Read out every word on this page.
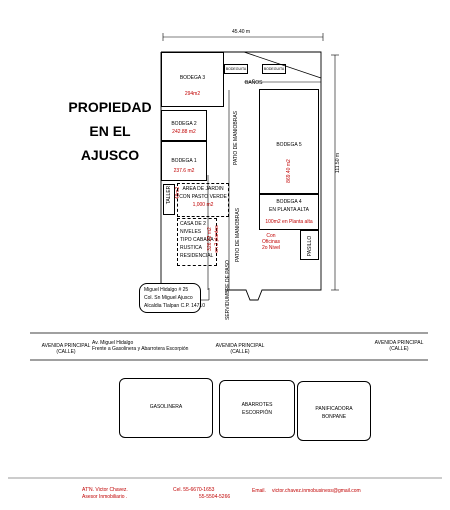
45.40 m
111.50 m
PROPIEDAD
EN EL
AJUSCO
BODEGA 3
294m2
BODEGA 2
242.88 m2
BODEGA 1
237.6 m2
BODEGUITA	BODEGUITA
BAÑOS
PATIO DE MANIOBRAS
PATIO DE MANIOBRAS
BODEGA 5
869.40 m2
BODEGA 4
EN PLANTA ALTA
100m2 en Planta alta
Con
Oficinas
2o Nivel	PASILLO
TALLER 48m2 AREA DE JARDIN
CON PASTO VERDE
1,000 m2
CASA DE 2
NIVELES
TIPO CABAÑA
RUSTICA
RESIDENCIAL
326.32 m2 en 2 plantas
SERVIDUMBRE DE PASO
Miguel Hidalgo # 25
Col. Sn Miguel Ajusco
Alcaldia Tlalpan C.P. 14710
AVENIDA PRINCIPAL
(CALLE)
Av. Miguel Hidalgo
Frente a Gasolinera y Abarrotera Escorpión	AVENIDA PRINCIPAL
(CALLE)
AVENIDA PRINCIPAL
(CALLE)
GASOLINERA	ABARROTES
ESCORPIÓN
PANIFICADORA
BONPANE
AT'N. Victor Chavez.
Asesor Inmobiliario .
Cel. 55-6670-1653
55-5504-5266
Email. victor.chavez.inmobusiness@gmail.com
